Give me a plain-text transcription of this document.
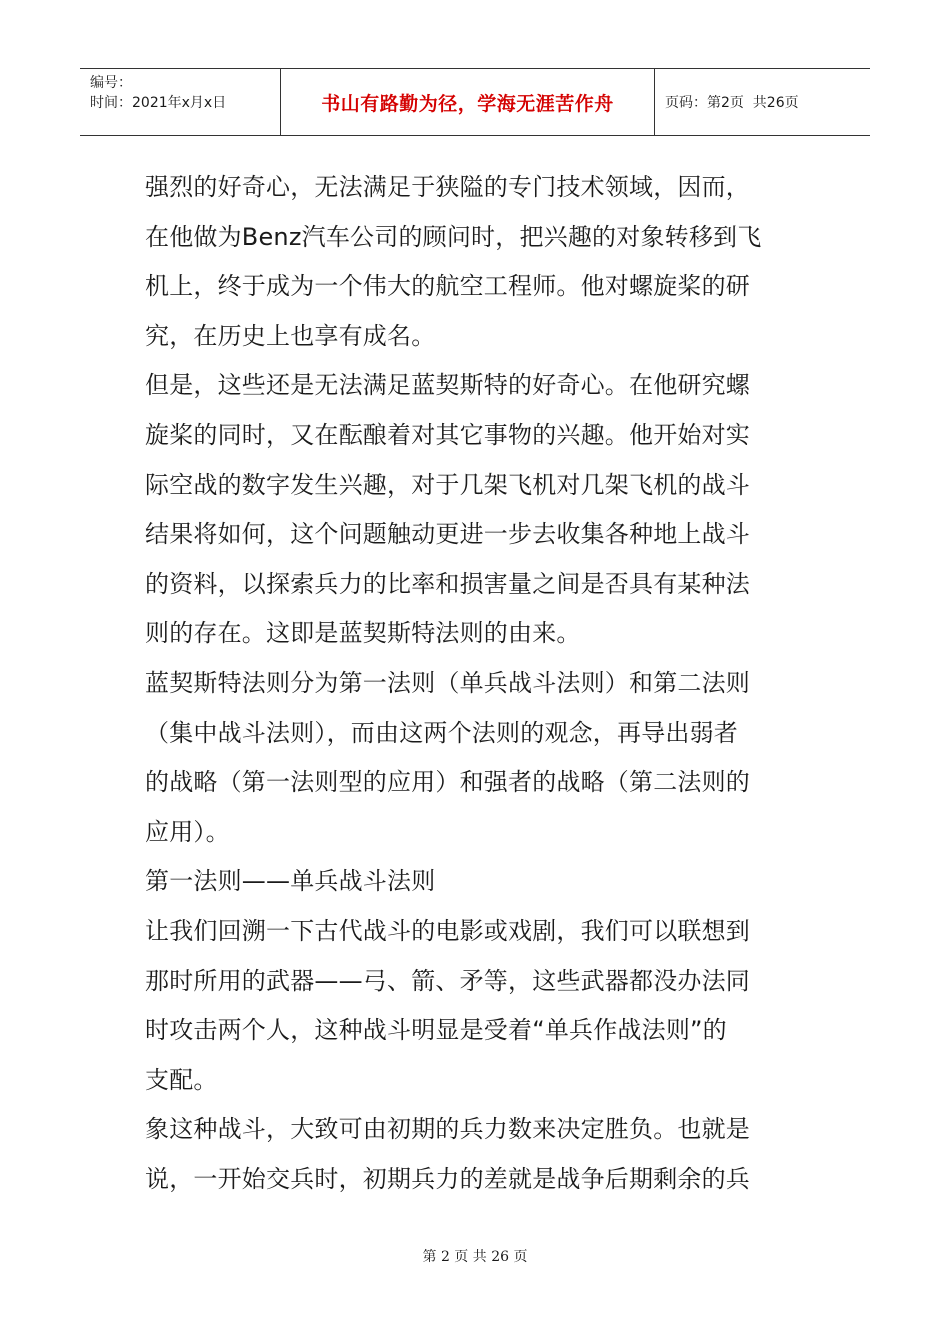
编号：
时间：2021年x月x日	书山有路勤为径，学海无涯苦作舟	页码：第2页  共26页

强烈的好奇心，无法满足于狭隘的专门技术领域，因而，

在他做为Benz汽车公司的顾问时，把兴趣的对象转移到飞

机上，终于成为一个伟大的航空工程师。他对螺旋桨的研

究，在历史上也享有成名。

但是，这些还是无法满足蓝契斯特的好奇心。在他研究螺

旋桨的同时，又在酝酿着对其它事物的兴趣。他开始对实

际空战的数字发生兴趣，对于几架飞机对几架飞机的战斗

结果将如何，这个问题触动更进一步去收集各种地上战斗

的资料，以探索兵力的比率和损害量之间是否具有某种法

则的存在。这即是蓝契斯特法则的由来。

蓝契斯特法则分为第一法则（单兵战斗法则）和第二法则

（集中战斗法则），而由这两个法则的观念，再导出弱者

的战略（第一法则型的应用）和强者的战略（第二法则的

应用）。

第一法则——单兵战斗法则

让我们回溯一下古代战斗的电影或戏剧，我们可以联想到

那时所用的武器——弓、箭、矛等，这些武器都没办法同

时攻击两个人，这种战斗明显是受着“单兵作战法则”的

支配。

象这种战斗，大致可由初期的兵力数来决定胜负。也就是

说，一开始交兵时，初期兵力的差就是战争后期剩余的兵

第 2 页 共 26 页
